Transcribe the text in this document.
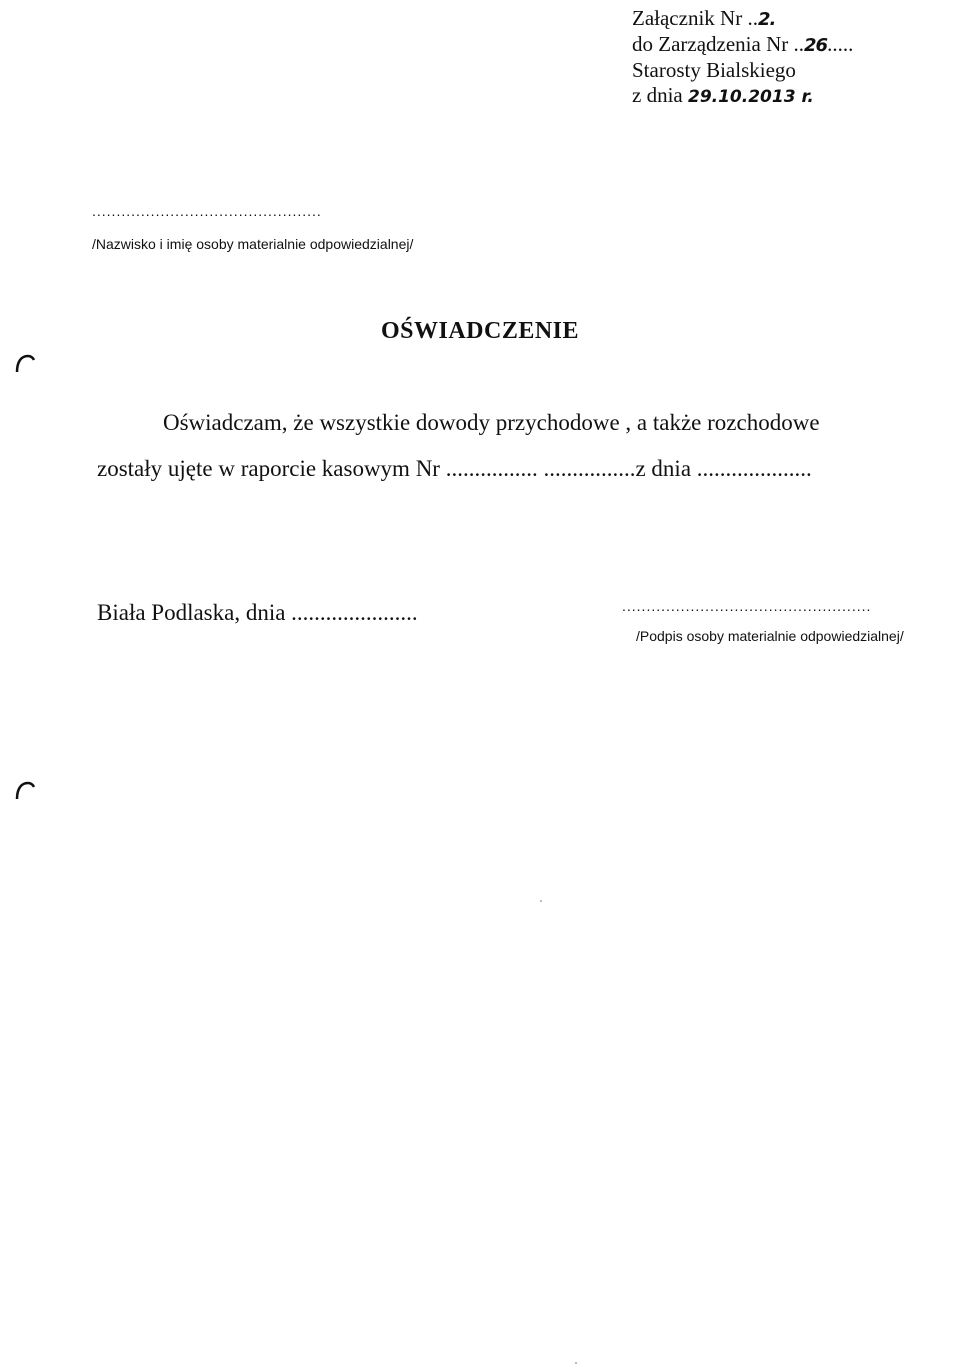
Załącznik Nr ..2.
do Zarządzenia Nr ..26.....
Starosty Bialskiego
z dnia 29.10.2013 r.
...............................................
/Nazwisko i imię osoby materialnie odpowiedzialnej/
OŚWIADCZENIE
Oświadczam, że wszystkie dowody przychodowe , a także rozchodowe
zostały ujęte w raporcie kasowym Nr ................ ................z dnia ....................
Biała Podlaska, dnia ......................	...................................................
/Podpis osoby materialnie odpowiedzialnej/
